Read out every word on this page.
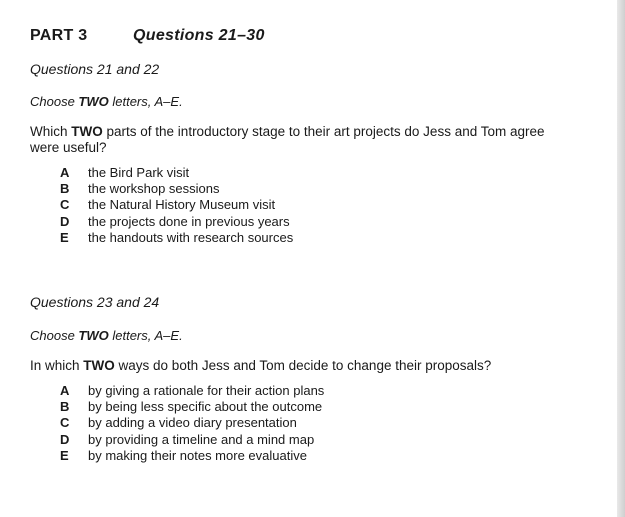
PART 3	Questions 21–30

Questions 21 and 22

Choose TWO letters, A–E.

Which TWO parts of the introductory stage to their art projects do Jess and Tom agree were useful?

A the Bird Park visit
B the workshop sessions
C the Natural History Museum visit
D the projects done in previous years
E the handouts with research sources

Questions 23 and 24

Choose TWO letters, A–E.

In which TWO ways do both Jess and Tom decide to change their proposals?

A by giving a rationale for their action plans
B by being less specific about the outcome
C by adding a video diary presentation
D by providing a timeline and a mind map
E by making their notes more evaluative
